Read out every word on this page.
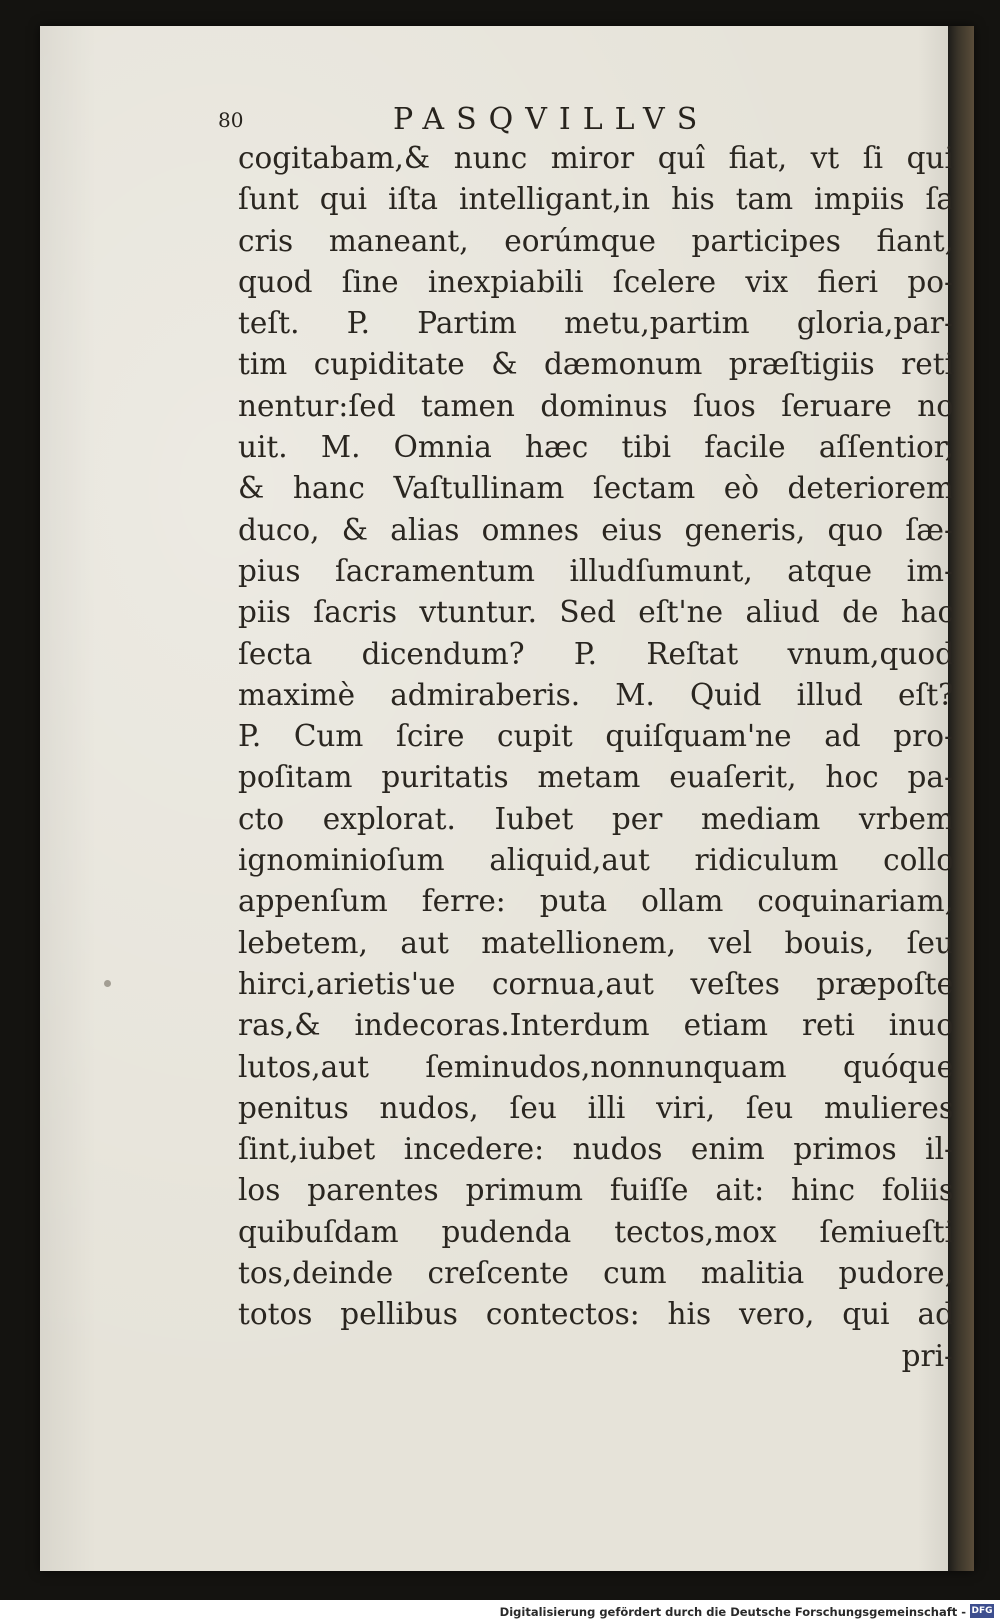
80	PASQVILLVS
cogitabam,& nunc miror quî fiat, vt ſi qui
ſunt qui iſta intelligant,in his tam impiis ſa
cris maneant, eorúmque participes fiant,
quod ſine inexpiabili ſcelere vix fieri po-
teſt. P. Partim metu,partim gloria,par-
tim cupiditate & dæmonum præſtigiis reti
nentur:ſed tamen dominus ſuos ſeruare no
uit. M. Omnia hæc tibi facile aſſentior,
& hanc Vaſtullinam ſectam eò deteriorem
duco, & alias omnes eius generis, quo ſæ-
pius ſacramentum illudſumunt, atque im-
piis ſacris vtuntur. Sed eſt'ne aliud de hac
ſecta dicendum? P. Reſtat vnum,quod
maximè admiraberis. M. Quid illud eſt?
P. Cum ſcire cupit quiſquam'ne ad pro-
poſitam puritatis metam euaſerit, hoc pa-
cto explorat. Iubet per mediam vrbem
ignominioſum aliquid,aut ridiculum collo
appenſum ferre: puta ollam coquinariam,
lebetem, aut matellionem, vel bouis, ſeu
hirci,arietis'ue cornua,aut veſtes præpoſte
ras,& indecoras.Interdum etiam reti inuo
lutos,aut ſeminudos,nonnunquam quóque
penitus nudos, ſeu illi viri, ſeu mulieres
ſint,iubet incedere: nudos enim primos il-
los parentes primum fuiſſe ait: hinc foliis
quibuſdam pudenda tectos,mox ſemiueſti
tos,deinde creſcente cum malitia pudore,
totos pellibus contectos: his vero, qui ad
pri-
Digitalisierung gefördert durch die Deutsche Forschungsgemeinschaft - DFG
